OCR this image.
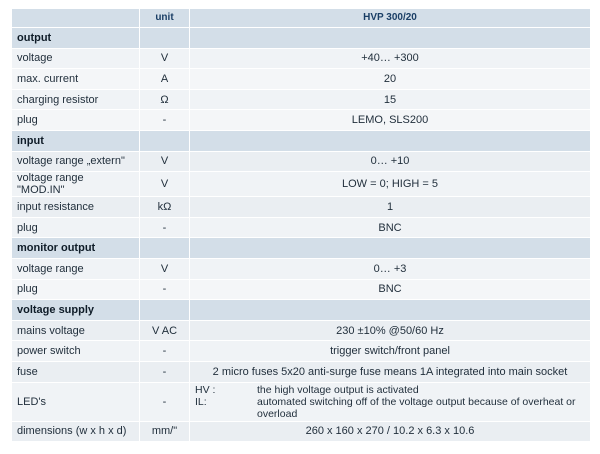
	unit	HVP 300/20
output		
voltage	V	+40… +300
max. current	A	20
charging resistor	Ω	15
plug	-	LEMO, SLS200
input		
voltage range „extern"	V	0… +10
voltage range "MOD.IN"	V	LOW = 0; HIGH = 5
input resistance	kΩ	1
plug	-	BNC
monitor output		
voltage range	V	0… +3
plug	-	BNC
voltage supply		
mains voltage	V AC	230 ±10% @50/60 Hz
power switch	-	trigger switch/front panel
fuse	-	2 micro fuses 5x20 anti-surge fuse means 1A integrated into main socket
LED's	-	HV : the high voltage output is activated
IL: automated switching off of the voltage output because of overheat or overload

dimensions (w x h x d)	mm/"	260 x 160 x 270 / 10.2 x 6.3 x 10.6
